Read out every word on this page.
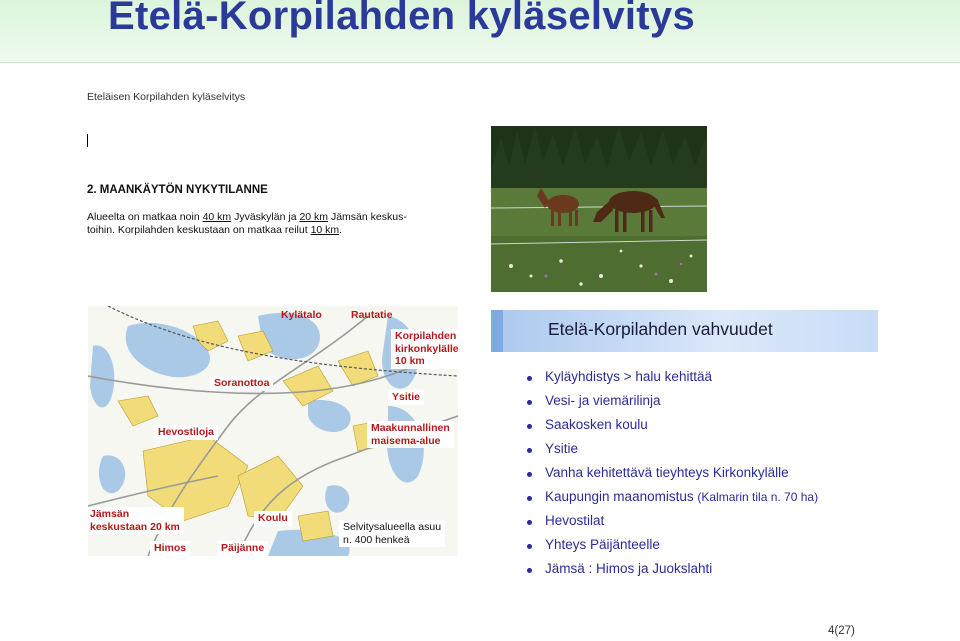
Etelä-Korpilahden kyläselvitys
Eteläisen Korpilahden kyläselvitys
2. MAANKÄYTÖN NYKYTILANNE
Alueelta on matkaa noin 40 km Jyväskylän ja 20 km Jämsän keskus-
toihin. Korpilahden keskustaan on matkaa reilut 10 km.
Kylätalo	Rautatie
Korpilahden
kirkonkylälle
10 km
Soranottoa
Ysitie
Hevostiloja	Maakunnallinen
maisema-alue
Jämsän
keskustaan 20 km
Koulu
Selvitysalueella asuu
n. 400 henkeä
Himos	Päijänne
Etelä-Korpilahden vahvuudet
Kyläyhdistys > halu kehittää
Vesi- ja viemärilinja
Saakosken koulu
Ysitie
Vanha kehitettävä tieyhteys Kirkonkylälle
Kaupungin maanomistus (Kalmarin tila n. 70 ha)
Hevostilat
Yhteys Päijänteelle
Jämsä : Himos ja Juokslahti
4(27)
